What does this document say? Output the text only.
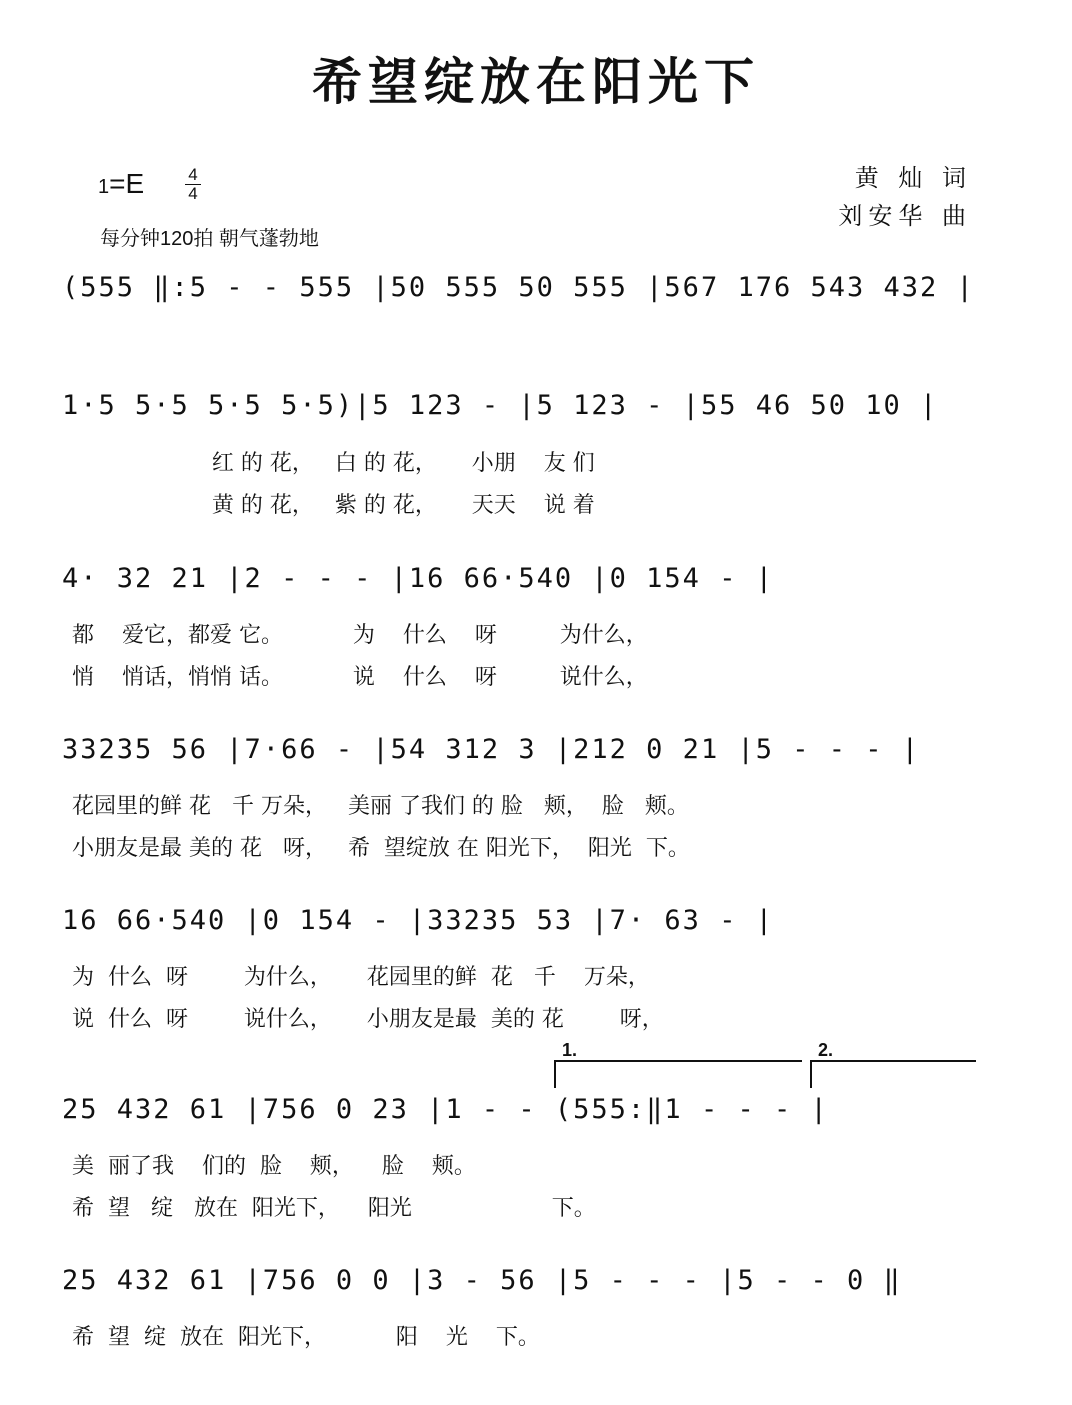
希望绽放在阳光下
1=E	4
4
每分钟120拍 朝气蓬勃地
黄 灿 词
刘安华 曲
(555 ‖:5 - - 555 |50 555 50 555 |567 176 543 432 |
1·5 5·5 5·5 5·5)|5 123 - |5 123 - |55 46 50 10 |
红 的 花，   白 的 花，     小朋    友 们
黄 的 花，   紫 的 花，     天天    说 着
4· 32 21 |2 - - - |16 66·540 |0 154 - |
都    爱它，都爱 它。          为    什么    呀         为什么，
悄    悄话，悄悄 话。          说    什么    呀         说什么，
33235 56 |7·66 - |54 312 3 |212 0 21 |5 - - - |
花园里的鲜 花   千 万朵，   美丽 了我们 的 脸   颊，  脸   颊。
小朋友是最 美的 花   呀，   希  望绽放 在 阳光下，  阳光  下。
16 66·540 |0 154 - |33235 53 |7· 63 - |
为  什么  呀        为什么，     花园里的鲜  花   千    万朵，
说  什么  呀        说什么，     小朋友是最  美的 花        呀，
1.	2.
25 432 61 |756 0 23 |1 - - (555:‖1 - - - |
美  丽了我    们的  脸    颊，    脸    颊。
希  望   绽   放在  阳光下，    阳光                    下。
25 432 61 |756 0 0 |3 - 56 |5 - - - |5 - - 0 ‖
希  望  绽  放在  阳光下，          阳    光    下。
